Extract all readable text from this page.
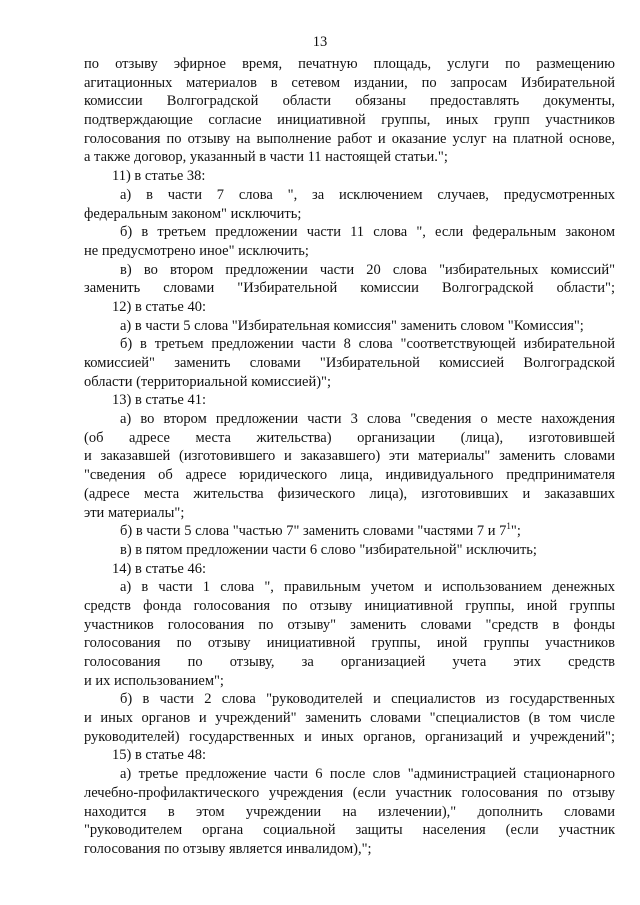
13
по отзыву эфирное время, печатную площадь, услуги по размещению
агитационных материалов в сетевом издании, по запросам Избирательной
комиссии Волгоградской области обязаны предоставлять документы,
подтверждающие согласие инициативной группы, иных групп участников
голосования по отзыву на выполнение работ и оказание услуг на платной основе,
а также договор, указанный в части 11 настоящей статьи.";
11) в статье 38:
а) в части 7 слова ", за исключением случаев, предусмотренных
федеральным законом" исключить;
б) в третьем предложении части 11 слова ", если федеральным законом
не предусмотрено иное" исключить;
в) во втором предложении части 20 слова "избирательных комиссий"
заменить словами "Избирательной комиссии Волгоградской области";
12) в статье 40:
а) в части 5 слова "Избирательная комиссия" заменить словом "Комиссия";
б) в третьем предложении части 8 слова "соответствующей избирательной
комиссией" заменить словами "Избирательной комиссией Волгоградской
области (территориальной комиссией)";
13) в статье 41:
а) во втором предложении части 3 слова "сведения о месте нахождения
(об адресе места жительства) организации (лица), изготовившей
и заказавшей (изготовившего и заказавшего) эти материалы" заменить словами
"сведения об адресе юридического лица, индивидуального предпринимателя
(адресе места жительства физического лица), изготовивших и заказавших
эти материалы";
б) в части 5 слова "частью 7" заменить словами "частями 7 и $7^1$";
в) в пятом предложении части 6 слово "избирательной" исключить;
14) в статье 46:
а) в части 1 слова ", правильным учетом и использованием денежных
средств фонда голосования по отзыву инициативной группы, иной группы
участников голосования по отзыву" заменить словами "средств в фонды
голосования по отзыву инициативной группы, иной группы участников
голосования по отзыву, за организацией учета этих средств
и их использованием";
б) в части 2 слова "руководителей и специалистов из государственных
и иных органов и учреждений" заменить словами "специалистов (в том числе
руководителей) государственных и иных органов, организаций и учреждений";
15) в статье 48:
а) третье предложение части 6 после слов "администрацией стационарного
лечебно-профилактического учреждения (если участник голосования по отзыву
находится в этом учреждении на излечении)," дополнить словами
"руководителем органа социальной защиты населения (если участник
голосования по отзыву является инвалидом),";
